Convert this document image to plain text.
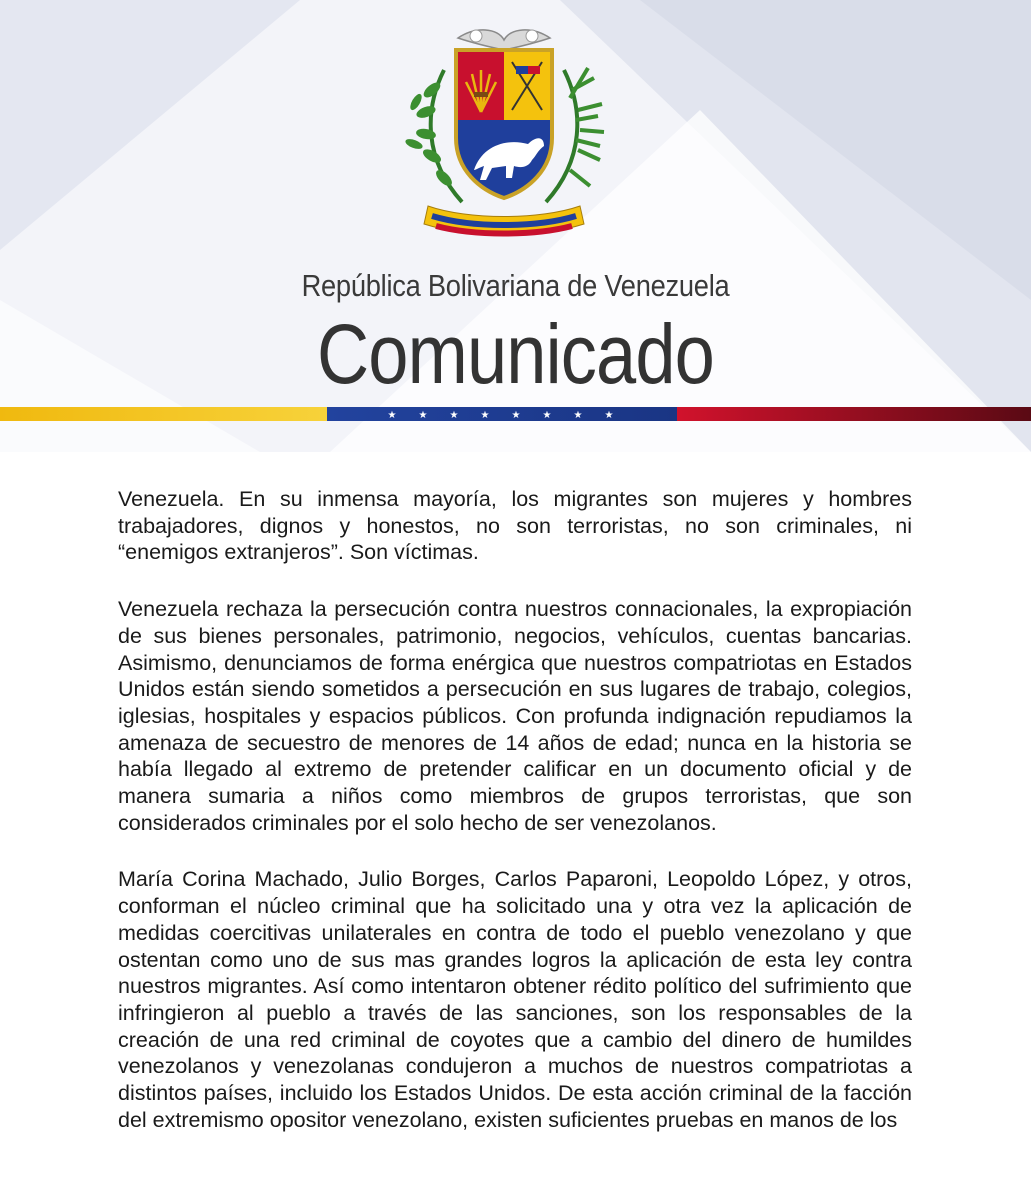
República Bolivariana de Venezuela
Comunicado
★ ★ ★ ★ ★ ★ ★ ★

Venezuela. En su inmensa mayoría, los migrantes son mujeres y hombres trabajadores, dignos y honestos, no son terroristas, no son criminales, ni “enemigos extranjeros”. Son víctimas.

Venezuela rechaza la persecución contra nuestros connacionales, la expropiación de sus bienes personales, patrimonio, negocios, vehículos, cuentas bancarias. Asimismo, denunciamos de forma enérgica que nuestros compatriotas en Estados Unidos están siendo sometidos a persecución en sus lugares de trabajo, colegios, iglesias, hospitales y espacios públicos. Con profunda indignación repudiamos la amenaza de secuestro de menores de 14 años de edad; nunca en la historia se había llegado al extremo de pretender calificar en un documento oficial y de manera sumaria a niños como miembros de grupos terroristas, que son considerados criminales por el solo hecho de ser venezolanos.

María Corina Machado, Julio Borges, Carlos Paparoni, Leopoldo López, y otros, conforman el núcleo criminal que ha solicitado una y otra vez la aplicación de medidas coercitivas unilaterales en contra de todo el pueblo venezolano y que ostentan como uno de sus mas grandes logros la aplicación de esta ley contra nuestros migrantes. Así como intentaron obtener rédito político del sufrimiento que infringieron al pueblo a través de las sanciones, son los responsables de la creación de una red criminal de coyotes que a cambio del dinero de humildes venezolanos y venezolanas condujeron a muchos de nuestros compatriotas a distintos países, incluido los Estados Unidos. De esta acción criminal de la facción del extremismo opositor venezolano, existen suficientes pruebas en manos de los
